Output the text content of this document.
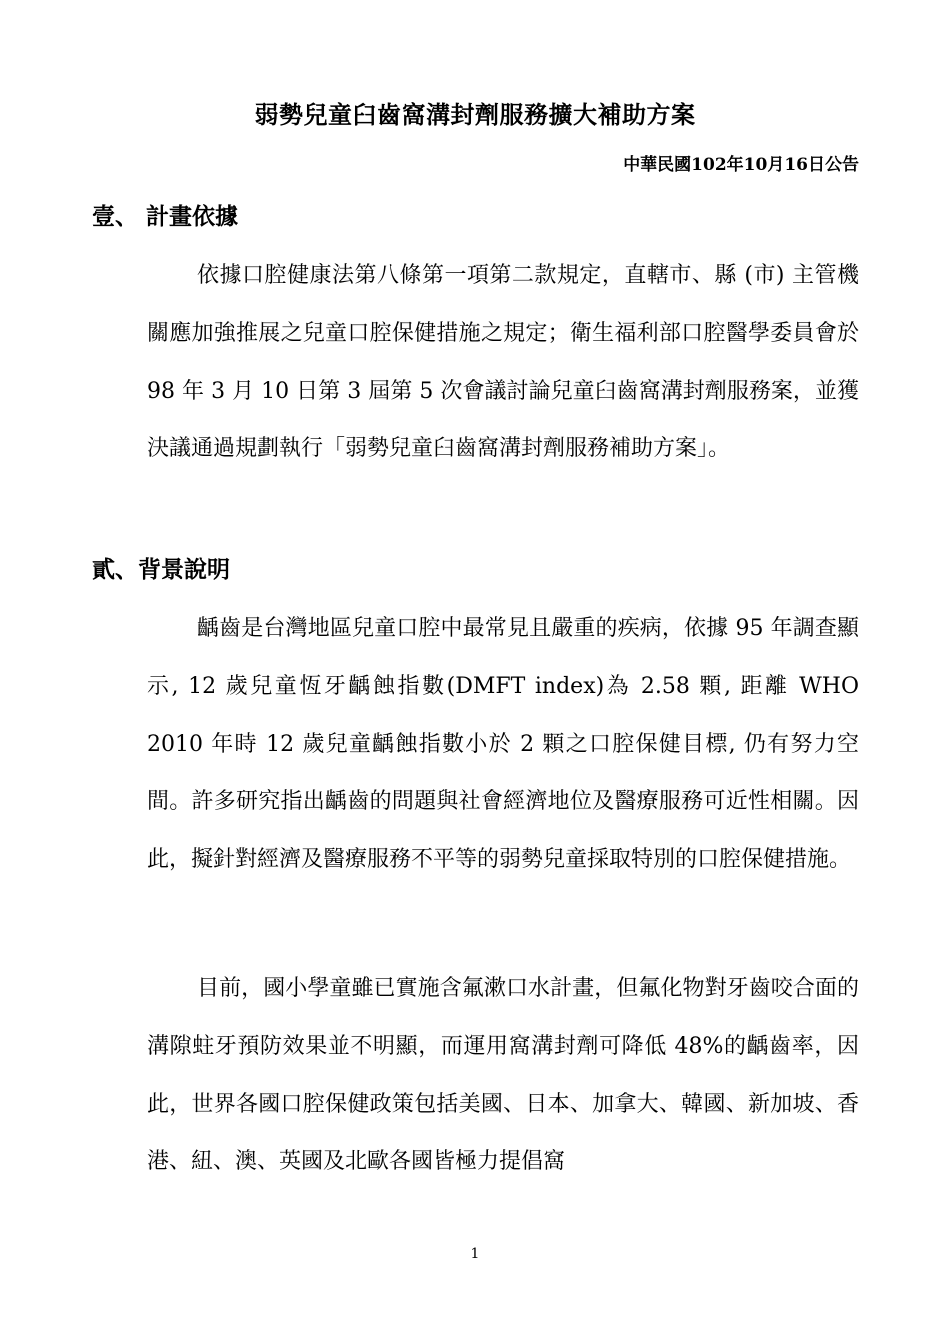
弱勢兒童臼齒窩溝封劑服務擴大補助方案
中華民國102年10月16日公告
壹、 計畫依據

依據口腔健康法第八條第一項第二款規定，直轄市、縣 (市) 主管機關應加強推展之兒童口腔保健措施之規定；衛生福利部口腔醫學委員會於 98 年 3 月 10 日第 3 屆第 5 次會議討論兒童臼齒窩溝封劑服務案，並獲決議通過規劃執行「弱勢兒童臼齒窩溝封劑服務補助方案」。

貳、背景說明

齲齒是台灣地區兒童口腔中最常見且嚴重的疾病，依據 95 年調查顯示, 12 歲兒童恆牙齲蝕指數(DMFT index)為 2.58 顆, 距離 WHO 2010 年時 12 歲兒童齲蝕指數小於 2 顆之口腔保健目標, 仍有努力空間。許多研究指出齲齒的問題與社會經濟地位及醫療服務可近性相關。因此，擬針對經濟及醫療服務不平等的弱勢兒童採取特別的口腔保健措施。

目前，國小學童雖已實施含氟漱口水計畫，但氟化物對牙齒咬合面的溝隙蛀牙預防效果並不明顯，而運用窩溝封劑可降低 48%的齲齒率，因此，世界各國口腔保健政策包括美國、日本、加拿大、韓國、新加坡、香港、紐、澳、英國及北歐各國皆極力提倡窩

1
